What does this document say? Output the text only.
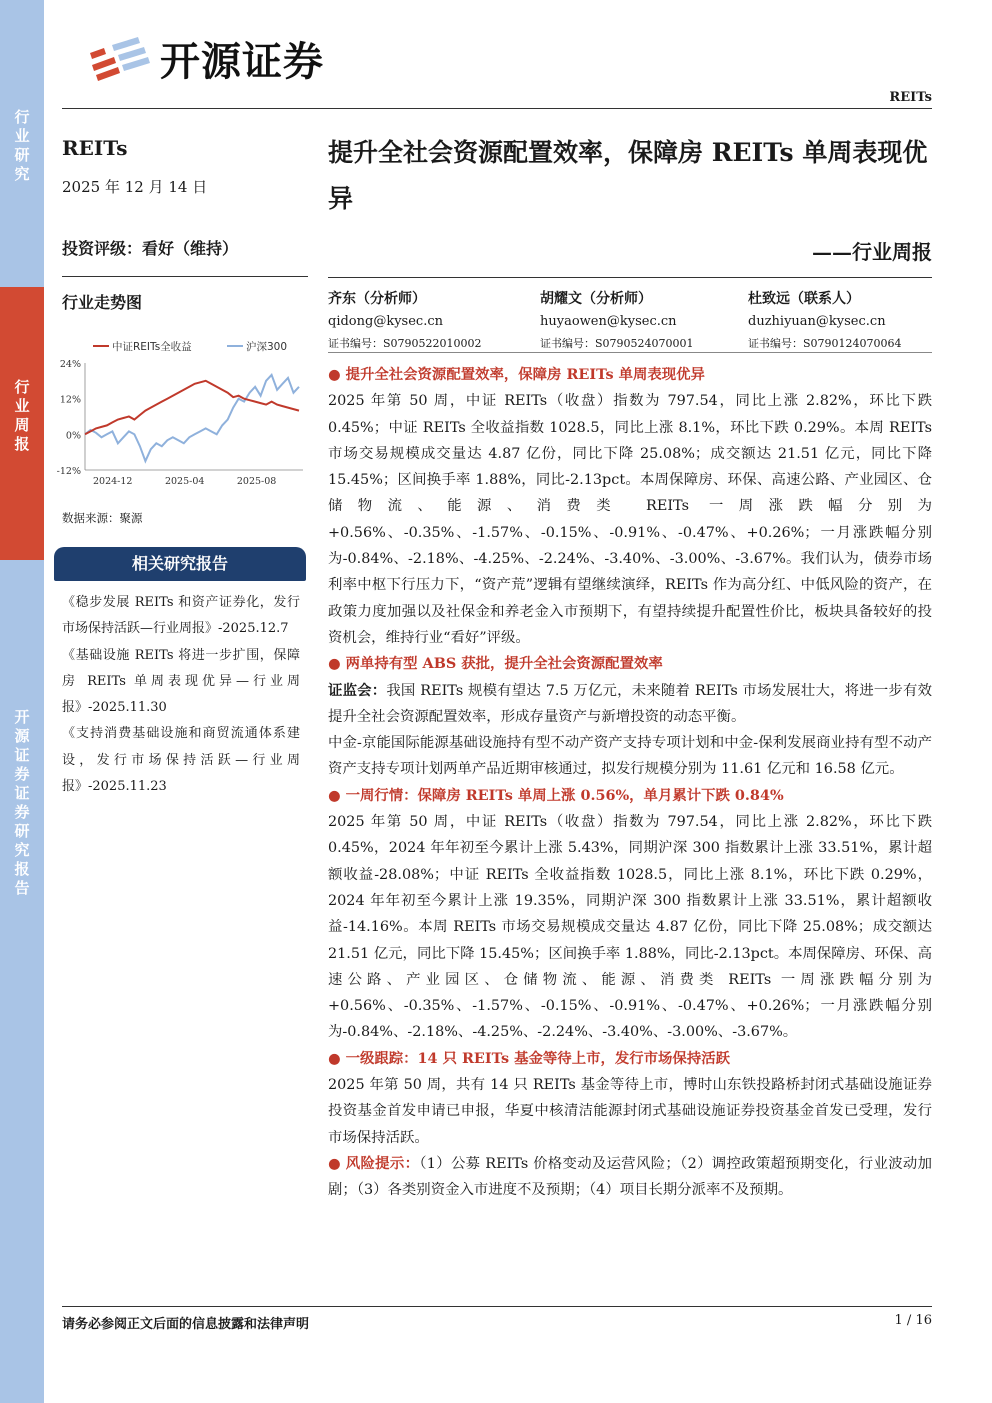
行业研究
行业周报
开源证券 证券研究报告
开源证券
REITs
REITs
2025 年 12 月 14 日
投资评级：看好（维持）
行业走势图
24%
12%
0%
-12%
2024-12	2025-04	2025-08
中证REITs全收益	沪深300
数据来源：聚源
相关研究报告
《稳步发展 REITs 和资产证券化，发行市场保持活跃—行业周报》-2025.12.7
《基础设施 REITs 将进一步扩围，保障房 REITs 单周表现优异—行业周报》-2025.11.30
《支持消费基础设施和商贸流通体系建设，发行市场保持活跃—行业周报》-2025.11.23
提升全社会资源配置效率，保障房 REITs 单周表现优异
——行业周报
齐东（分析师）
qidong@kysec.cn
证书编号：S0790522010002
胡耀文（分析师）
huyaowen@kysec.cn
证书编号：S0790524070001
杜致远（联系人）
duzhiyuan@kysec.cn
证书编号：S0790124070064

● 提升全社会资源配置效率，保障房 REITs 单周表现优异

2025 年第 50 周，中证 REITs（收盘）指数为 797.54，同比上涨 2.82%，环比下跌 0.45%；中证 REITs 全收益指数 1028.5，同比上涨 8.1%，环比下跌 0.29%。本周 REITs 市场交易规模成交量达 4.87 亿份，同比下降 25.08%；成交额达 21.51 亿元，同比下降 15.45%；区间换手率 1.88%，同比-2.13pct。本周保障房、环保、高速公路、产业园区、仓储物流、能源、消费类 REITs 一周涨跌幅分别为+0.56%、-0.35%、-1.57%、-0.15%、-0.91%、-0.47%、+0.26%；一月涨跌幅分别为-0.84%、-2.18%、-4.25%、-2.24%、-3.40%、-3.00%、-3.67%。我们认为，债券市场利率中枢下行压力下，“资产荒”逻辑有望继续演绎，REITs 作为高分红、中低风险的资产，在政策力度加强以及社保金和养老金入市预期下，有望持续提升配置性价比，板块具备较好的投资机会，维持行业“看好”评级。

● 两单持有型 ABS 获批，提升全社会资源配置效率

证监会：我国 REITs 规模有望达 7.5 万亿元，未来随着 REITs 市场发展壮大，将进一步有效提升全社会资源配置效率，形成存量资产与新增投资的动态平衡。

中金-京能国际能源基础设施持有型不动产资产支持专项计划和中金-保利发展商业持有型不动产资产支持专项计划两单产品近期审核通过，拟发行规模分别为 11.61 亿元和 16.58 亿元。

● 一周行情：保障房 REITs 单周上涨 0.56%，单月累计下跌 0.84%

2025 年第 50 周，中证 REITs（收盘）指数为 797.54，同比上涨 2.82%，环比下跌 0.45%，2024 年年初至今累计上涨 5.43%，同期沪深 300 指数累计上涨 33.51%，累计超额收益-28.08%；中证 REITs 全收益指数 1028.5，同比上涨 8.1%，环比下跌 0.29%，2024 年年初至今累计上涨 19.35%，同期沪深 300 指数累计上涨 33.51%，累计超额收益-14.16%。本周 REITs 市场交易规模成交量达 4.87 亿份，同比下降 25.08%；成交额达 21.51 亿元，同比下降 15.45%；区间换手率 1.88%，同比-2.13pct。本周保障房、环保、高速公路、产业园区、仓储物流、能源、消费类 REITs 一周涨跌幅分别为+0.56%、-0.35%、-1.57%、-0.15%、-0.91%、-0.47%、+0.26%；一月涨跌幅分别为-0.84%、-2.18%、-4.25%、-2.24%、-3.40%、-3.00%、-3.67%。

● 一级跟踪：14 只 REITs 基金等待上市，发行市场保持活跃

2025 年第 50 周，共有 14 只 REITs 基金等待上市，博时山东铁投路桥封闭式基础设施证券投资基金首发申请已申报，华夏中核清洁能源封闭式基础设施证券投资基金首发已受理，发行市场保持活跃。

● 风险提示：（1）公募 REITs 价格变动及运营风险；（2）调控政策超预期变化，行业波动加剧；（3）各类别资金入市进度不及预期；（4）项目长期分派率不及预期。

请务必参阅正文后面的信息披露和法律声明	1 / 16
